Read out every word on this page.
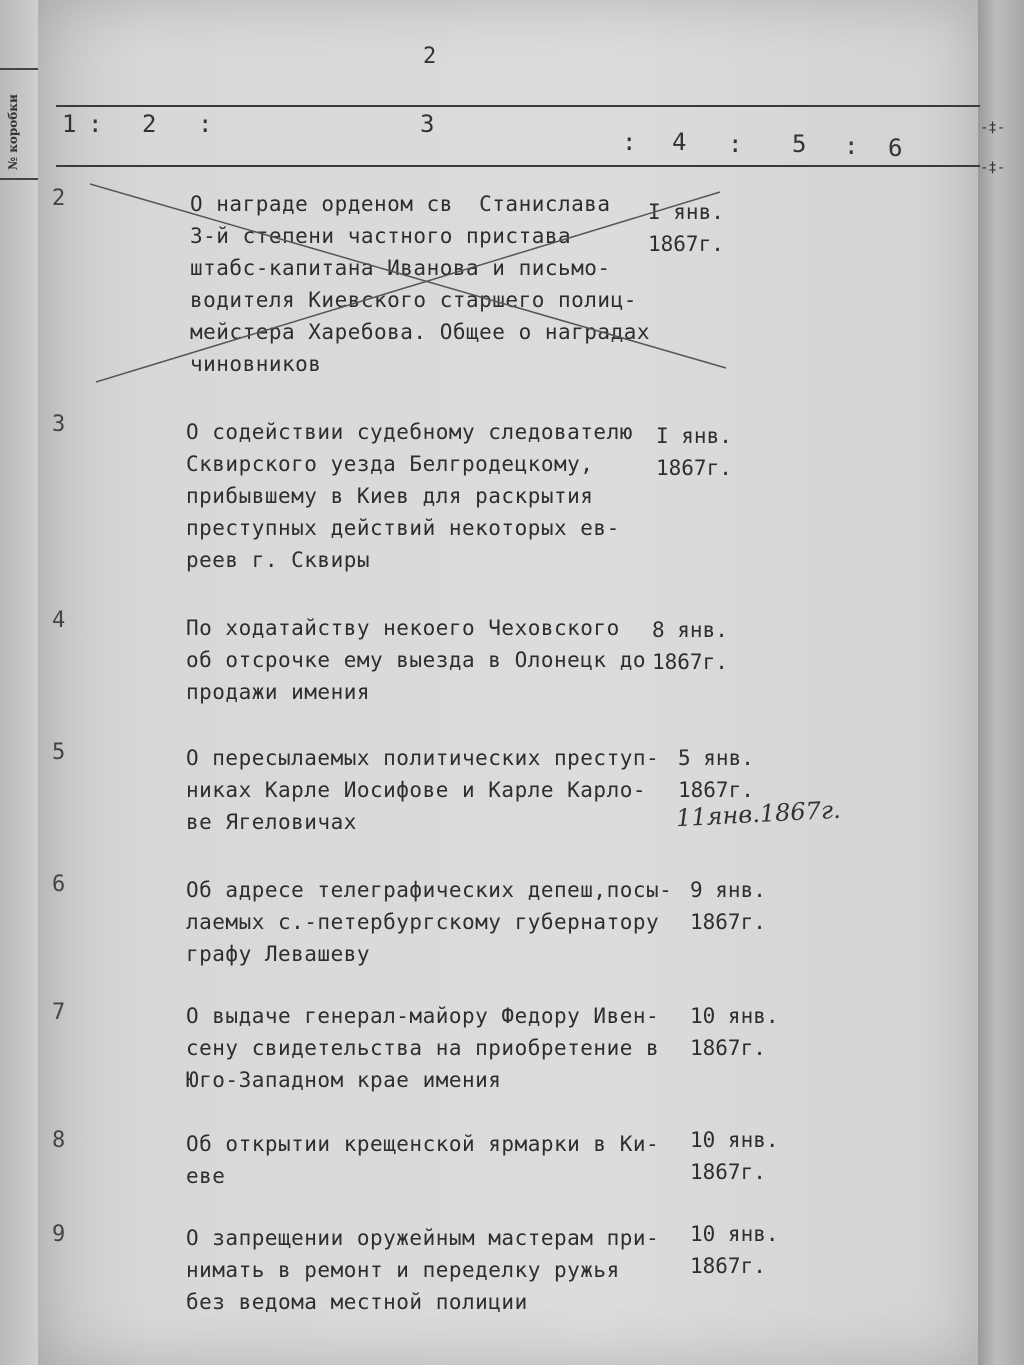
№ коробки
2
-‡-
-‡-
1 : 2 :	3
: 4 : 5 : 6
2	О награде орденом св  Станислава
3-й степени частного пристава
штабс-капитана Иванова и письмо-
водителя   полиц-
мейстера Харебова. Общее о наградах
чиновников
янв.
1867г.
3	О содействии судебному следователю
Сквирского уезда Белгродецкому,
прибывшему в Киев для раскрытия
преступных действий некоторых ев-
реев г. Сквиры
I янв.
1867г.
4	По ходатайству некоего Чеховского
об отсрочке ему выезда в Олонецк до
продажи имения
8 янв.
1867г.
5	О пересылаемых политических преступ-
никах Карле Иосифове и Карле Карло-
ве Ягеловичах
5 янв.
1867г.
11янв.1867г.
6	Об адресе телеграфических депеш,посы-
лаемых с.-петербургскому губернатору
графу Левашеву
9 янв.
1867г.
7	О выдаче генерал-майору Федору Ивен-
сену свидетельства на приобретение в
Юго-Западном крае имения
10 янв.
1867г.
8	Об открытии крещенской ярмарки в Ки-
еве
10 янв.
1867г.
9	О запрещении оружейным мастерам при-
нимать в ремонт и переделку ружья
без ведома местной полиции
10 янв.
1867г.
